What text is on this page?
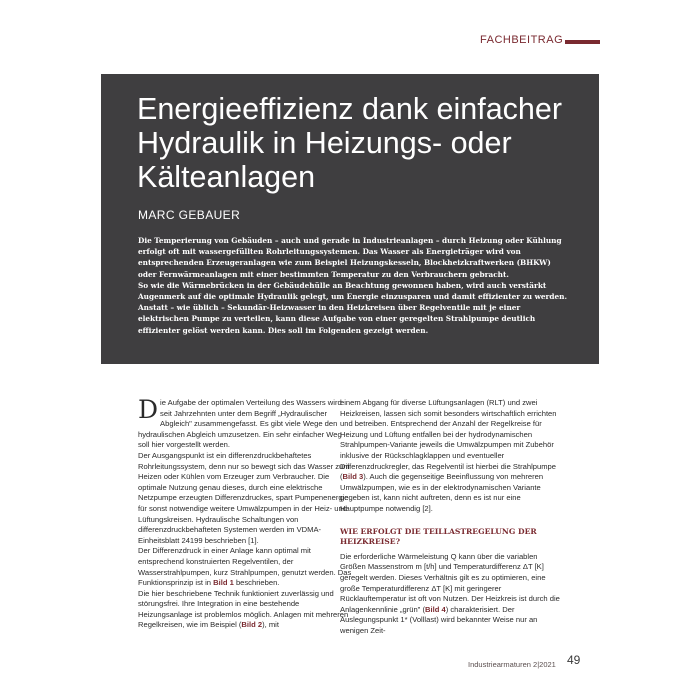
FACHBEITRAG
Energieeffizienz dank einfacher Hydraulik in Heizungs- oder Kälteanlagen
MARC GEBAUER

Die Temperierung von Gebäuden – auch und gerade in Industrieanlagen – durch Heizung oder Kühlung erfolgt oft mit wassergefüllten Rohrleitungssystemen. Das Wasser als Energieträger wird von entsprechenden Erzeugeranlagen wie zum Beispiel Heizungskesseln, Blockheizkraftwerken (BHKW) oder Fernwärmeanlagen mit einer bestimmten Temperatur zu den Verbrauchern gebracht.

So wie die Wärmebrücken in der Gebäudehülle an Beachtung gewonnen haben, wird auch verstärkt Augenmerk auf die optimale Hydraulik gelegt, um Energie einzusparen und damit effizienter zu werden.

Anstatt – wie üblich – Sekundär-Heizwasser in den Heizkreisen über Regelventile mit je einer elektrischen Pumpe zu verteilen, kann diese Aufgabe von einer geregelten Strahlpumpe deutlich effizienter gelöst werden kann. Dies soll im Folgenden gezeigt werden.

Die Aufgabe der optimalen Verteilung des Wassers wird seit Jahrzehnten unter dem Begriff „Hydraulischer Abgleich" zusammengefasst. Es gibt viele Wege den hydraulischen Abgleich umzusetzen. Ein sehr einfacher Weg soll hier vorgestellt werden.

Der Ausgangspunkt ist ein differenzdruckbehaftetes Rohrleitungssystem, denn nur so bewegt sich das Wasser zum Heizen oder Kühlen vom Erzeuger zum Verbraucher. Die optimale Nutzung genau dieses, durch eine elektrische Netzpumpe erzeugten Differenzdruckes, spart Pumpenenergie für sonst notwendige weitere Umwälzpumpen in der Heiz- und Lüftungskreisen. Hydraulische Schaltungen von differenzdruckbehafteten Systemen werden im VDMA-Einheitsblatt 24199 beschrieben [1].

Der Differenzdruck in einer Anlage kann optimal mit entsprechend konstruierten Regelventilen, der Wasserstrahlpumpen, kurz Strahlpumpen, genutzt werden. Das Funktionsprinzip ist in Bild 1 beschrieben.

Die hier beschriebene Technik funktioniert zuverlässig und störungsfrei. Ihre Integration in eine bestehende Heizungsanlage ist problemlos möglich. Anlagen mit mehreren Regelkreisen, wie im Beispiel (Bild 2), mit

einem Abgang für diverse Lüftungsanlagen (RLT) und zwei Heizkreisen, lassen sich somit besonders wirtschaftlich errichten und betreiben. Entsprechend der Anzahl der Regelkreise für Heizung und Lüftung entfallen bei der hydrodynamischen Strahlpumpen-Variante jeweils die Umwälzpumpen mit Zubehör inklusive der Rückschlagklappen und eventueller Differenzdruckregler, das Regelventil ist hierbei die Strahlpumpe (Bild 3). Auch die gegenseitige Beeinflussung von mehreren Umwälzpumpen, wie es in der elektrodynamischen Variante gegeben ist, kann nicht auftreten, denn es ist nur eine Hauptpumpe notwendig [2].

WIE ERFOLGT DIE TEILLASTREGELUNG DER HEIZKREISE?

Die erforderliche Wärmeleistung Q kann über die variablen Größen Massenstrom m [t/h] und Temperaturdifferenz ΔT [K] geregelt werden. Dieses Verhältnis gilt es zu optimieren, eine große Temperaturdifferenz ΔT [K] mit geringerer Rücklauftemperatur ist oft von Nutzen. Der Heizkreis ist durch die Anlagenkennlinie „grün" (Bild 4) charakterisiert. Der Auslegungspunkt 1* (Volllast) wird bekannter Weise nur an wenigen Zeit-

Industriearmaturen 2|2021 49
